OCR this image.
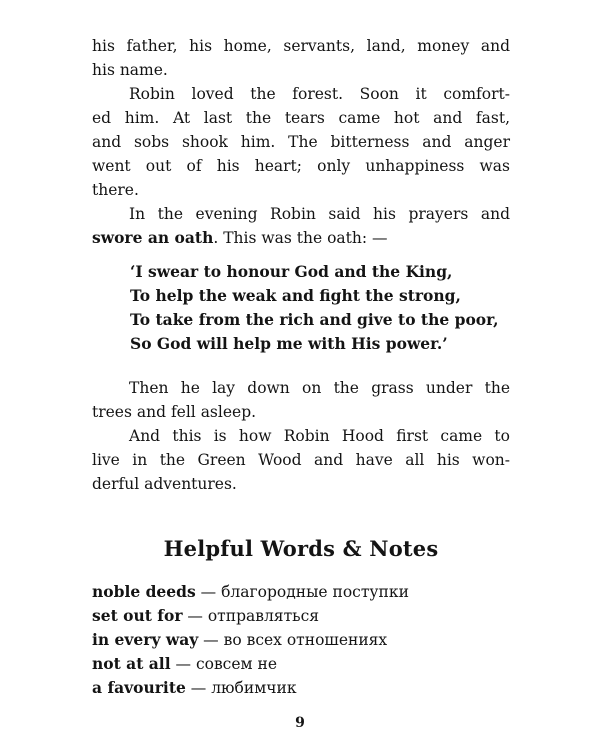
his father, his home, servants, land, money and
his name.

Robin loved the forest. Soon it comfort-
ed him. At last the tears came hot and fast,
and sobs shook him. The bitterness and anger
went out of his heart; only unhappiness was
there.

In the evening Robin said his prayers and
swore an oath. This was the oath: —

‘I swear to honour God and the King,
To help the weak and fight the strong,
To take from the rich and give to the poor,
So God will help me with His power.’

Then he lay down on the grass under the
trees and fell asleep.

And this is how Robin Hood first came to
live in the Green Wood and have all his won-
derful adventures.

Helpful Words & Notes
noble deeds — благородные поступки
set out for — отправляться
in every way — во всех отношениях
not at all — совсем не
a favourite — любимчик
9
